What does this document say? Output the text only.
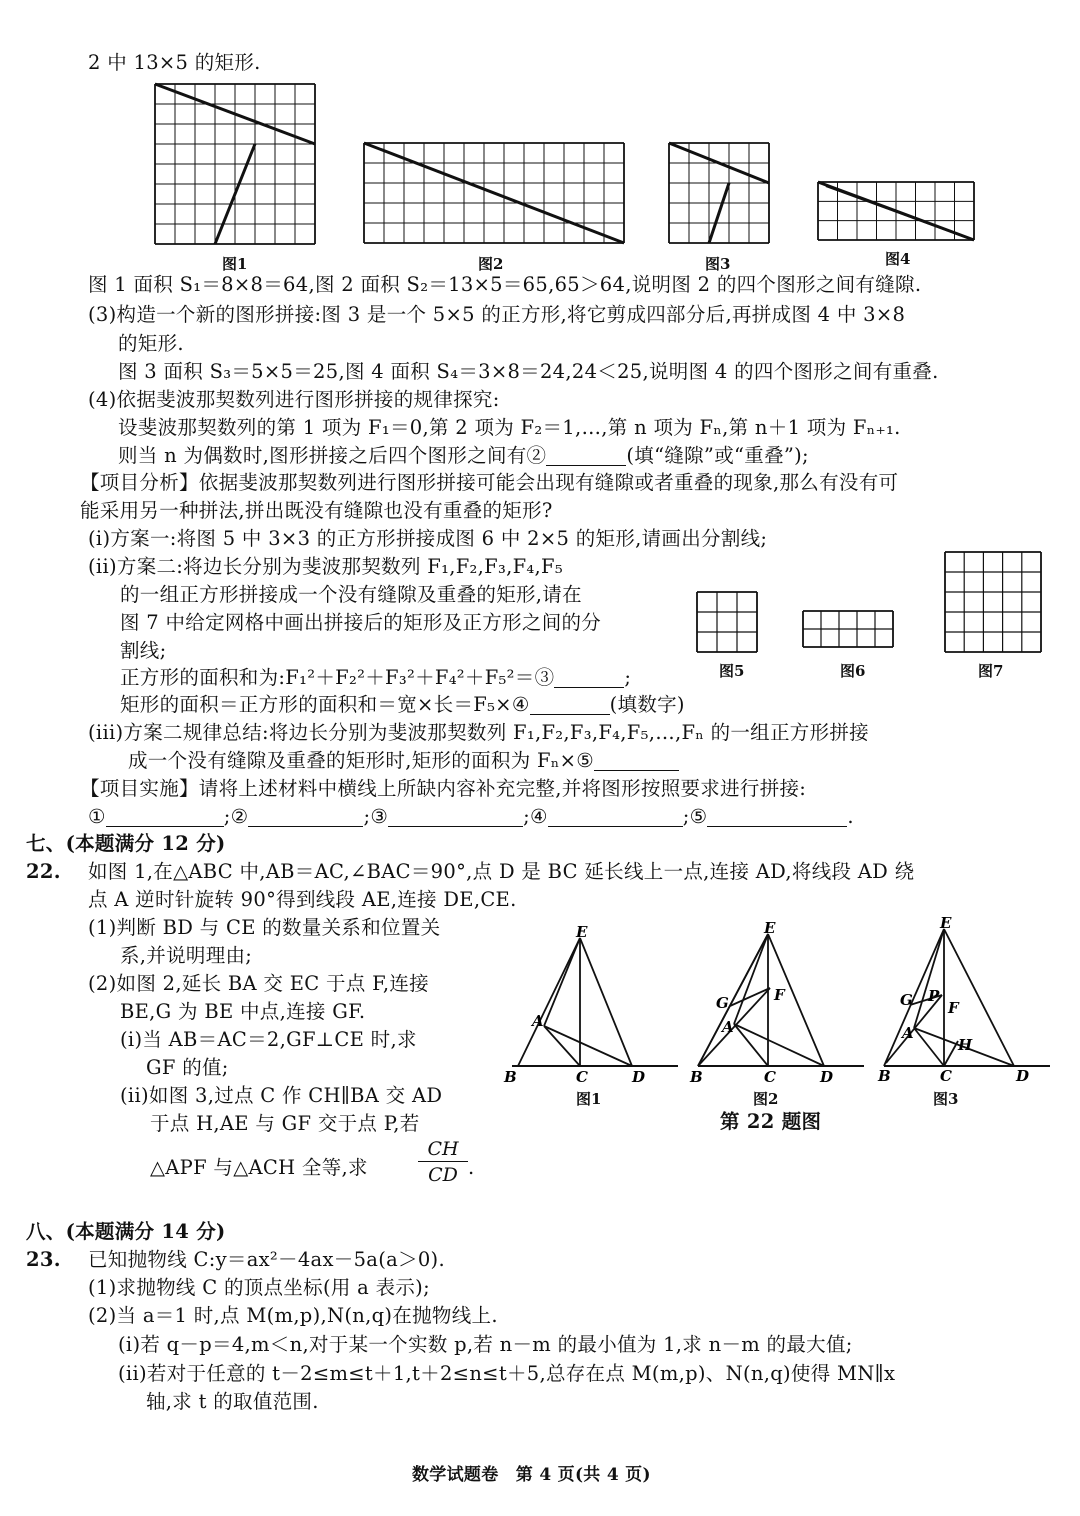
2 中 13×5 的矩形.
图1	图2	图3	图4
图 1 面积 S₁＝8×8＝64,图 2 面积 S₂＝13×5＝65,65＞64,说明图 2 的四个图形之间有缝隙.
(3)构造一个新的图形拼接:图 3 是一个 5×5 的正方形,将它剪成四部分后,再拼成图 4 中 3×8
的矩形.
图 3 面积 S₃＝5×5＝25,图 4 面积 S₄＝3×8＝24,24＜25,说明图 4 的四个图形之间有重叠.
(4)依据斐波那契数列进行图形拼接的规律探究:
设斐波那契数列的第 1 项为 F₁＝0,第 2 项为 F₂＝1,…,第 n 项为 Fₙ,第 n＋1 项为 Fₙ₊₁.
则当 n 为偶数时,图形拼接之后四个图形之间有②	(填“缝隙”或“重叠”);
【项目分析】依据斐波那契数列进行图形拼接可能会出现有缝隙或者重叠的现象,那么有没有可
能采用另一种拼法,拼出既没有缝隙也没有重叠的矩形?
(i)方案一:将图 5 中 3×3 的正方形拼接成图 6 中 2×5 的矩形,请画出分割线;
(ii)方案二:将边长分别为斐波那契数列 F₁,F₂,F₃,F₄,F₅
的一组正方形拼接成一个没有缝隙及重叠的矩形,请在
图 7 中给定网格中画出拼接后的矩形及正方形之间的分
割线;
正方形的面积和为:F₁²＋F₂²＋F₃²＋F₄²＋F₅²＝③	;
矩形的面积＝正方形的面积和＝宽×长＝F₅×④	(填数字)
图5	图6	图7
(iii)方案二规律总结:将边长分别为斐波那契数列 F₁,F₂,F₃,F₄,F₅,…,Fₙ 的一组正方形拼接
成一个没有缝隙及重叠的矩形时,矩形的面积为 Fₙ×⑤
【项目实施】请将上述材料中横线上所缺内容补充完整,并将图形按照要求进行拼接:
①	;②	;③	;④	;⑤	.
七、(本题满分 12 分)
22. 如图 1,在△ABC 中,AB＝AC,∠BAC＝90°,点 D 是 BC 延长线上一点,连接 AD,将线段 AD 绕
点 A 逆时针旋转 90°得到线段 AE,连接 DE,CE.
(1)判断 BD 与 CE 的数量关系和位置关
系,并说明理由;
(2)如图 2,延长 BA 交 EC 于点 F,连接
BE,G 为 BE 中点,连接 GF.
(i)当 AB＝AC＝2,GF⊥CE 时,求
GF 的值;
(ii)如图 3,过点 C 作 CH∥BA 交 AD
于点 H,AE 与 GF 交于点 P,若
△APF 与△ACH 全等,求	$\frac{CH}{CD}$ .
E
A
B	C	D
图1
E
F
G
A
B	C	D
图2
E
G P
F
A
H
B	C	D
图3
第 22 题图
八、(本题满分 14 分)
23. 已知抛物线 C:y＝ax²－4ax－5a(a＞0).
(1)求抛物线 C 的顶点坐标(用 a 表示);
(2)当 a＝1 时,点 M(m,p),N(n,q)在抛物线上.
(i)若 q－p＝4,m＜n,对于某一个实数 p,若 n－m 的最小值为 1,求 n－m 的最大值;
(ii)若对于任意的 t－2≤m≤t＋1,t＋2≤n≤t＋5,总存在点 M(m,p)、N(n,q)使得 MN∥x
轴,求 t 的取值范围.
数学试题卷　第 4 页(共 4 页)
